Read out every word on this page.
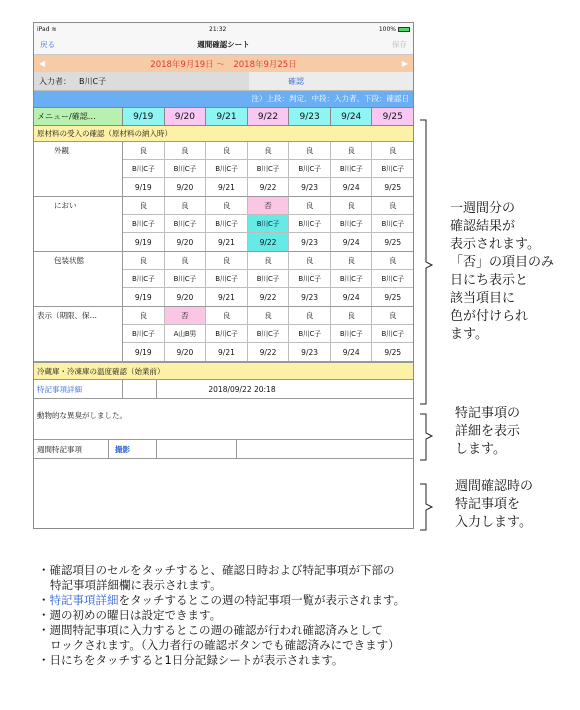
iPad ≋	21:32	100%
戻る	週間確認シート	保存
◀	2018年9月19日 〜　2018年9月25日	▶
入力者：	B川C子	確認
注）上段：判定、中段：入力者、下段：確認日
メニュー/確認…	9/19	9/20	9/21	9/22	9/23	9/24	9/25
原材料の受入の確認（原材料の納入時）
外観	良	良	良	良	良	良	良
B川C子	B川C子	B川C子	B川C子	B川C子	B川C子	B川C子
9/19	9/20	9/21	9/22	9/23	9/24	9/25
におい	良	良	良	否	良	良	良
B川C子	B川C子	B川C子	B川C子	B川C子	B川C子	B川C子
9/19	9/20	9/21	9/22	9/23	9/24	9/25
包装状態	良	良	良	良	良	良	良
B川C子	B川C子	B川C子	B川C子	B川C子	B川C子	B川C子
9/19	9/20	9/21	9/22	9/23	9/24	9/25
表示（期限、保…	良	否	良	良	良	良	良
B川C子	A山B男	B川C子	B川C子	B川C子	B川C子	B川C子
9/19	9/20	9/21	9/22	9/23	9/24	9/25
冷蔵庫・冷凍庫の温度確認（始業前）
特記事項詳細	2018/09/22 20:18
動物的な異臭がしました。
週間特記事項	撮影
一週間分の
確認結果が
表示されます。
「否」の項目のみ
日にち表示と
該当項目に
色が付けられ
ます。
特記事項の
詳細を表示
します。
週間確認時の
特記事項を
入力します。
・確認項目のセルをタッチすると、確認日時および特記事項が下部の
特記事項詳細欄に表示されます。
・特記事項詳細をタッチするとこの週の特記事項一覧が表示されます。
・週の初めの曜日は設定できます。
・週間特記事項に入力するとこの週の確認が行われ確認済みとして
ロックされます。（入力者行の確認ボタンでも確認済みにできます）
・日にちをタッチすると1日分記録シートが表示されます。
